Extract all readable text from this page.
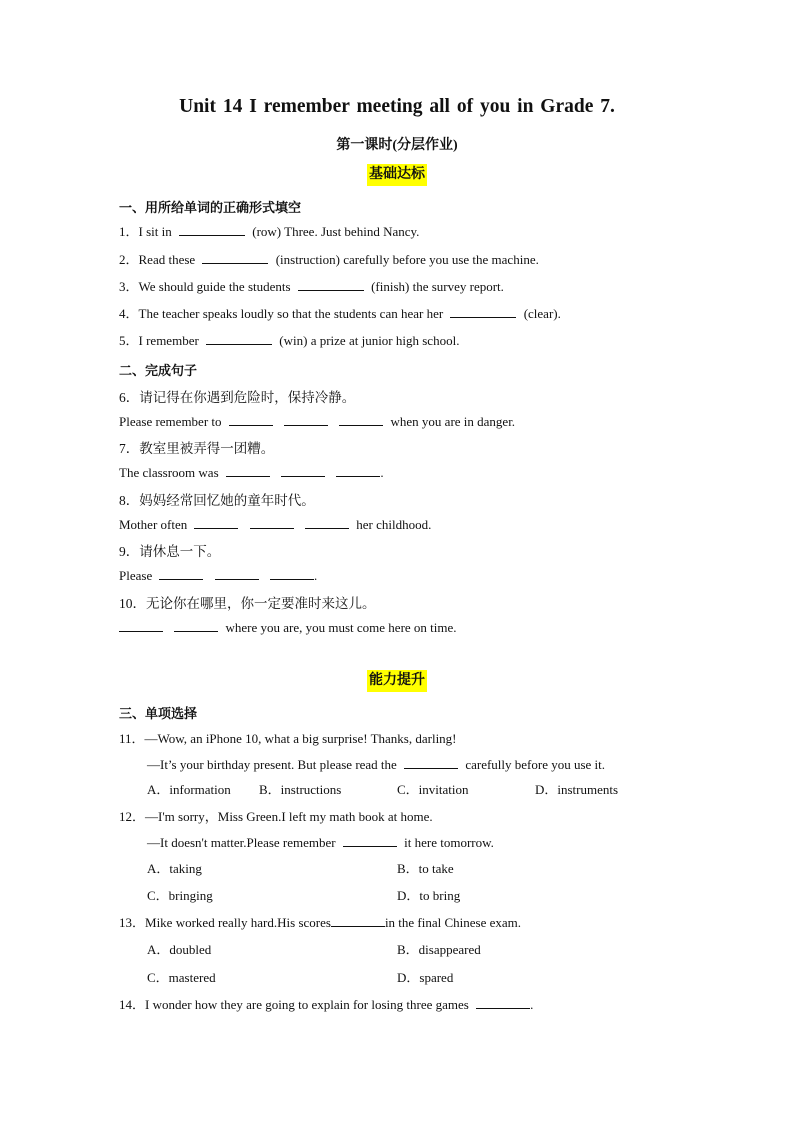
Unit 14 I remember meeting all of you in Grade 7.
第一课时(分层作业)
基础达标
一、用所给单词的正确形式填空
1．I sit in	(row) Three. Just behind Nancy.
2．Read these	(instruction) carefully before you use the machine.
3．We should guide the students	(finish) the survey report.
4．The teacher speaks loudly so that the students can hear her	(clear).
5．I remember	(win) a prize at junior high school.
二、完成句子
6．请记得在你遇到危险时，保持冷静。
Please remember to	when you are in danger.
7．教室里被弄得一团糟。
The classroom was	.
8．妈妈经常回忆她的童年时代。
Mother often	her childhood.
9．请休息一下。
Please	.
10．无论你在哪里，你一定要准时来这儿。
where you are, you must come here on time.
能力提升
三、单项选择
11．—Wow, an iPhone 10, what a big surprise! Thanks, darling!
—It’s your birthday present. But please read the	carefully before you use it.
A．information B．instructions	C．invitation	D．instruments
12．—I'm sorry，Miss Green.I left my math book at home.
—It doesn't matter.Please remember	it here tomorrow.
A．taking	B．to take
C．bringing	D．to bring
13．Mike worked really hard.His scores	in the final Chinese exam.
A．doubled	B．disappeared
C．mastered	D．spared
14．I wonder how they are going to explain for losing three games	.
